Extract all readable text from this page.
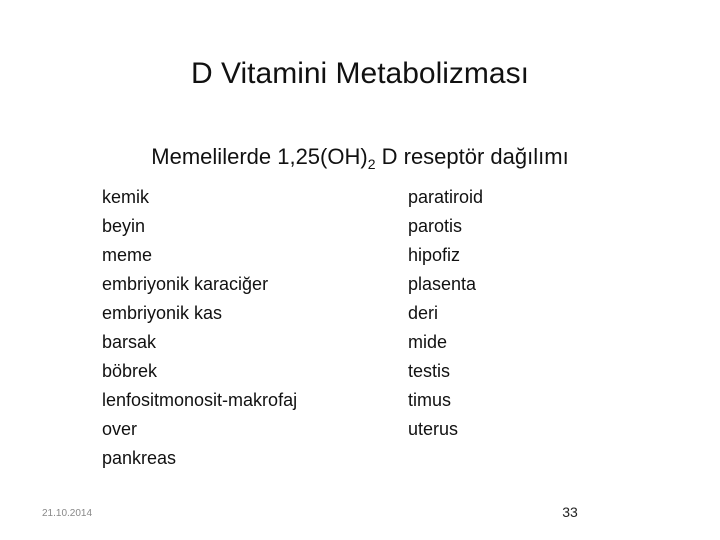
D Vitamini Metabolizması
Memelilerde $1,25(OH)_2$ D reseptör dağılımı
kemik
beyin
meme
embriyonik karaciğer
embriyonik kas
barsak
böbrek
lenfositmonosit-makrofaj
over
pankreas
paratiroid
parotis
hipofiz
plasenta
deri
mide
testis
timus
uterus
21.10.2014	33
